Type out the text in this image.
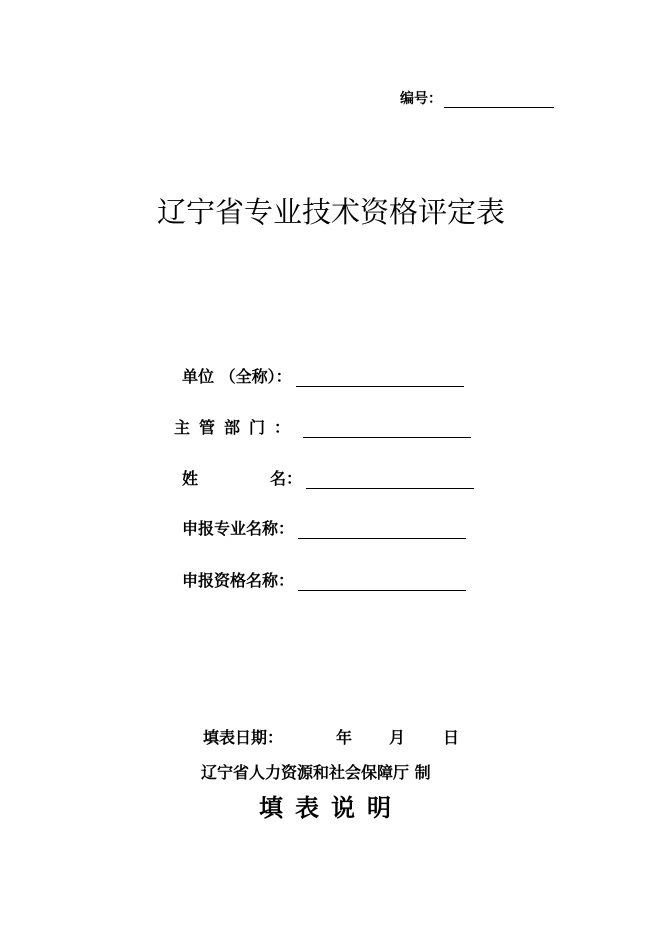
编号：
辽宁省专业技术资格评定表
单位 （全称）：
主管部门：
姓	名：
申报专业名称：
申报资格名称：
填表日期：	年 月 日
辽宁省人力资源和社会保障厅 制
填表说明
